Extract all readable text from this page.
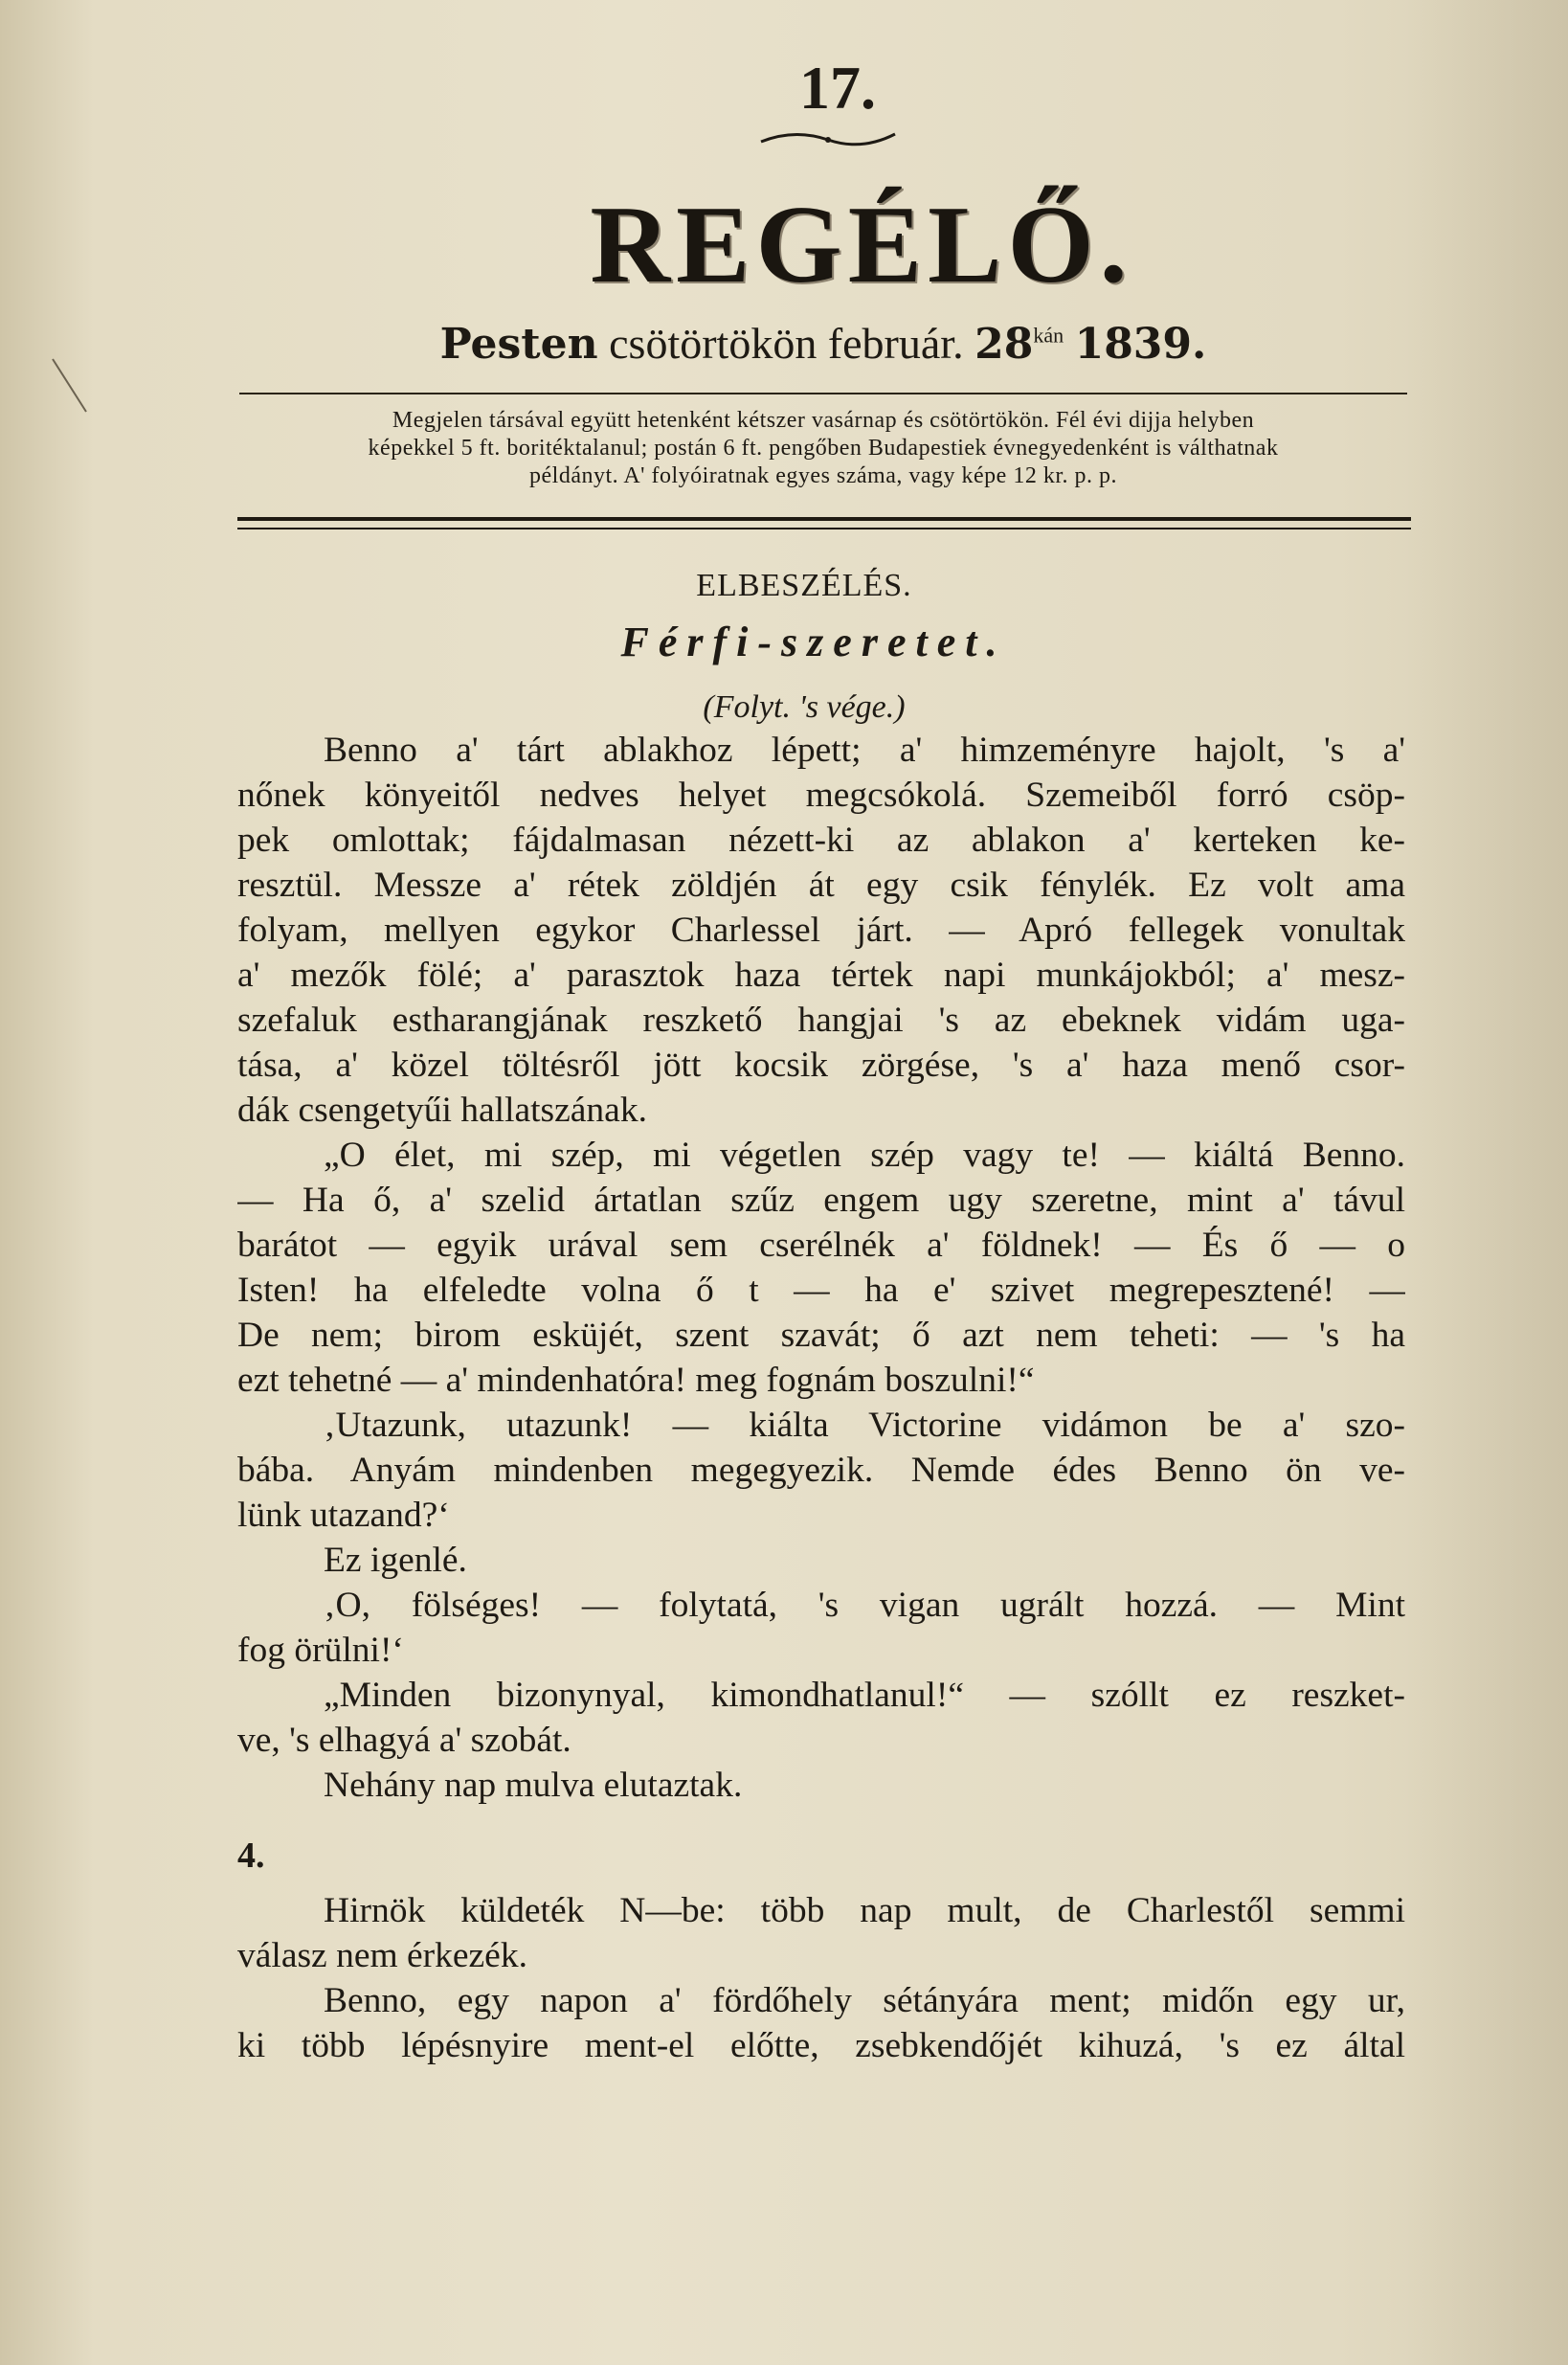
17.
REGÉLŐ.
Pesten csötörtökön február. $28^{kán}$ 1839.
Megjelen társával együtt hetenként kétszer vasárnap és csötörtökön. Fél évi dijja helyben
képekkel 5 ft. boritéktalanul; postán 6 ft. pengőben Budapestiek évnegyedenként is válthatnak
példányt. A' folyóiratnak egyes száma, vagy képe 12 kr. p. p.
ELBESZÉLÉS.
Férfi-szeretet.
(Folyt. 's vége.)
Benno a' tárt ablakhoz lépett; a' himzeményre hajolt, 's a'
nőnek könyeitől nedves helyet megcsókolá. Szemeiből forró csöp-
pek omlottak; fájdalmasan nézett-ki az ablakon a' kerteken ke-
resztül. Messze a' rétek zöldjén át egy csik fénylék. Ez volt ama
folyam, mellyen egykor Charlessel járt. — Apró fellegek vonultak
a' mezők fölé; a' parasztok haza tértek napi munkájokból; a' mesz-
szefaluk estharangjának reszkető hangjai 's az ebeknek vidám uga-
tása, a' közel töltésről jött kocsik zörgése, 's a' haza menő csor-
dák csengetyűi hallatszának.
„O élet, mi szép, mi végetlen szép vagy te! — kiáltá Benno.
— Ha ő, a' szelid ártatlan szűz engem ugy szeretne, mint a' távul
barátot — egyik urával sem cserélnék a' földnek! — És ő — o
Isten! ha elfeledte volna ő t — ha e' szivet megrepesztené! —
De nem; birom esküjét, szent szavát; ő azt nem teheti: — 's ha
ezt tehetné — a' mindenhatóra! meg fognám boszulni!“
‚Utazunk, utazunk! — kiálta Victorine vidámon be a' szo-
bába. Anyám mindenben megegyezik. Nemde édes Benno ön ve-
lünk utazand?‘
Ez igenlé.
‚O, fölséges! — folytatá, 's vigan ugrált hozzá. — Mint
fog örülni!‘
„Minden bizonynyal, kimondhatlanul!“ — szóllt ez reszket-
ve, 's elhagyá a' szobát.
Nehány nap mulva elutaztak.
4.
Hirnök küldeték N—be: több nap mult, de Charlestől semmi
válasz nem érkezék.
Benno, egy napon a' fördőhely sétányára ment; midőn egy ur,
ki több lépésnyire ment-el előtte, zsebkendőjét kihuzá, 's ez által
